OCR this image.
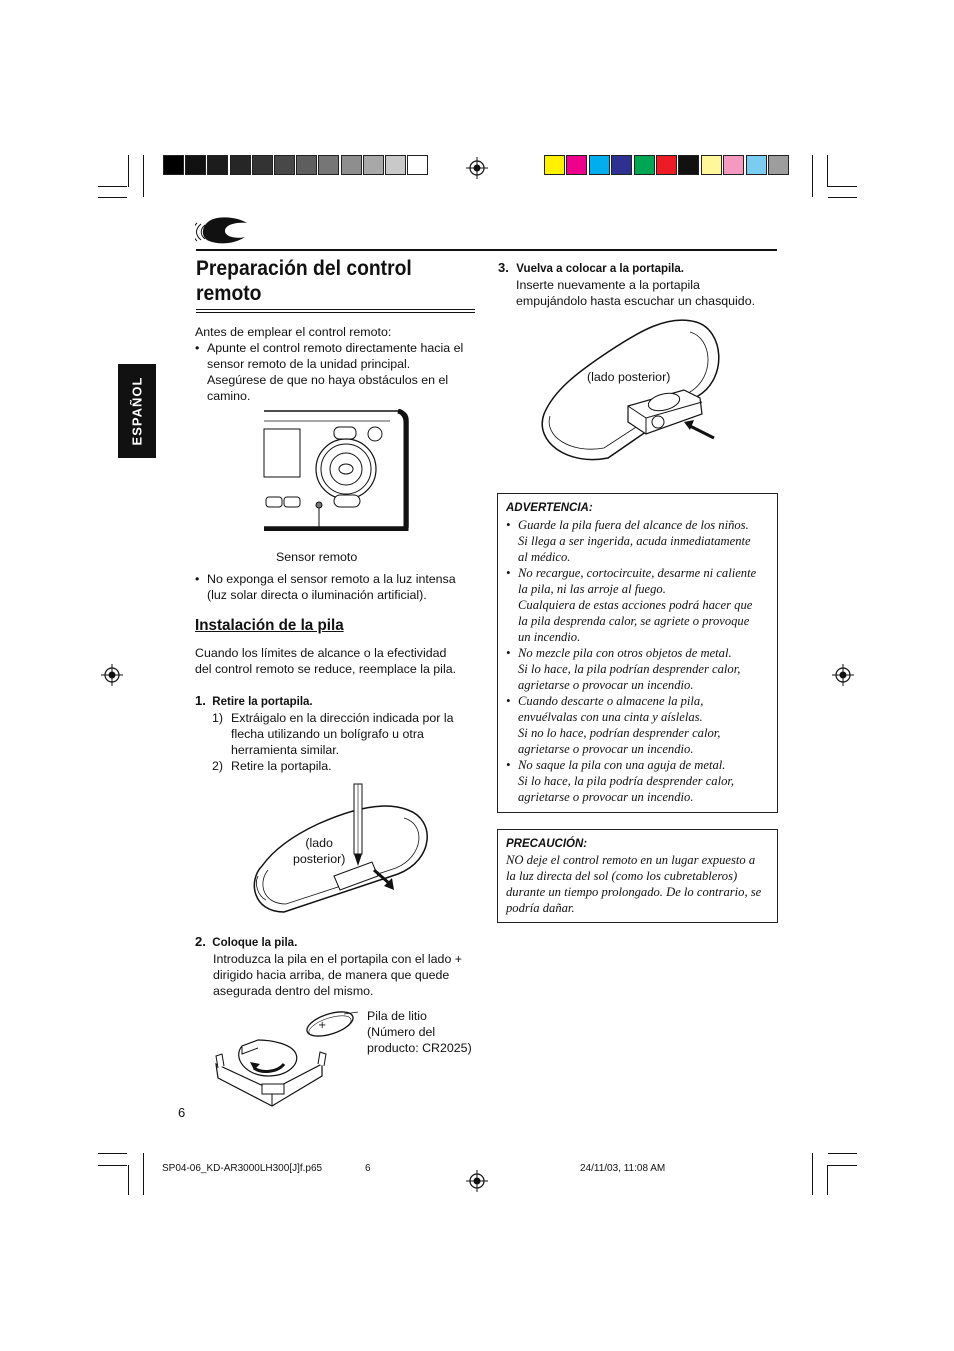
Preparación del control remoto
ESPAÑOL
Antes de emplear el control remoto:
• Apunte el control remoto directamente hacia el
sensor remoto de la unidad principal.
Asegúrese de que no haya obstáculos en el
camino.
Sensor remoto
• No exponga el sensor remoto a la luz intensa
(luz solar directa o iluminación artificial).
Instalación de la pila
Cuando los límites de alcance o la efectividad
del control remoto se reduce, reemplace la pila.
1. Retire la portapila.
1) Extráigalo en la dirección indicada por la
flecha utilizando un bolígrafo u otra
herramienta similar.
2) Retire la portapila.
(lado
posterior)
2. Coloque la pila.
Introduzca la pila en el portapila con el lado +
dirigido hacia arriba, de manera que quede
asegurada dentro del mismo.
+
Pila de litio
(Número del
producto: CR2025)
6
3. Vuelva a colocar a la portapila.
Inserte nuevamente a la portapila
empujándolo hasta escuchar un chasquido.
(lado posterior)
ADVERTENCIA:
• Guarde la pila fuera del alcance de los niños.
Si llega a ser ingerida, acuda inmediatamente
al médico.
• No recargue, cortocircuite, desarme ni caliente
la pila, ni las arroje al fuego.
Cualquiera de estas acciones podrá hacer que
la pila desprenda calor, se agriete o provoque
un incendio.
• No mezcle pila con otros objetos de metal.
Si lo hace, la pila podrían desprender calor,
agrietarse o provocar un incendio.
• Cuando descarte o almacene la pila,
envuélvalas con una cinta y aíslelas.
Si no lo hace, podrían desprender calor,
agrietarse o provocar un incendio.
• No saque la pila con una aguja de metal.
Si lo hace, la pila podría desprender calor,
agrietarse o provocar un incendio.
PRECAUCIÓN:
NO deje el control remoto en un lugar expuesto a
la luz directa del sol (como los cubretableros)
durante un tiempo prolongado. De lo contrario, se
podría dañar.
SP04-06_KD-AR3000LH300[J]f.p65	6	24/11/03, 11:08 AM
